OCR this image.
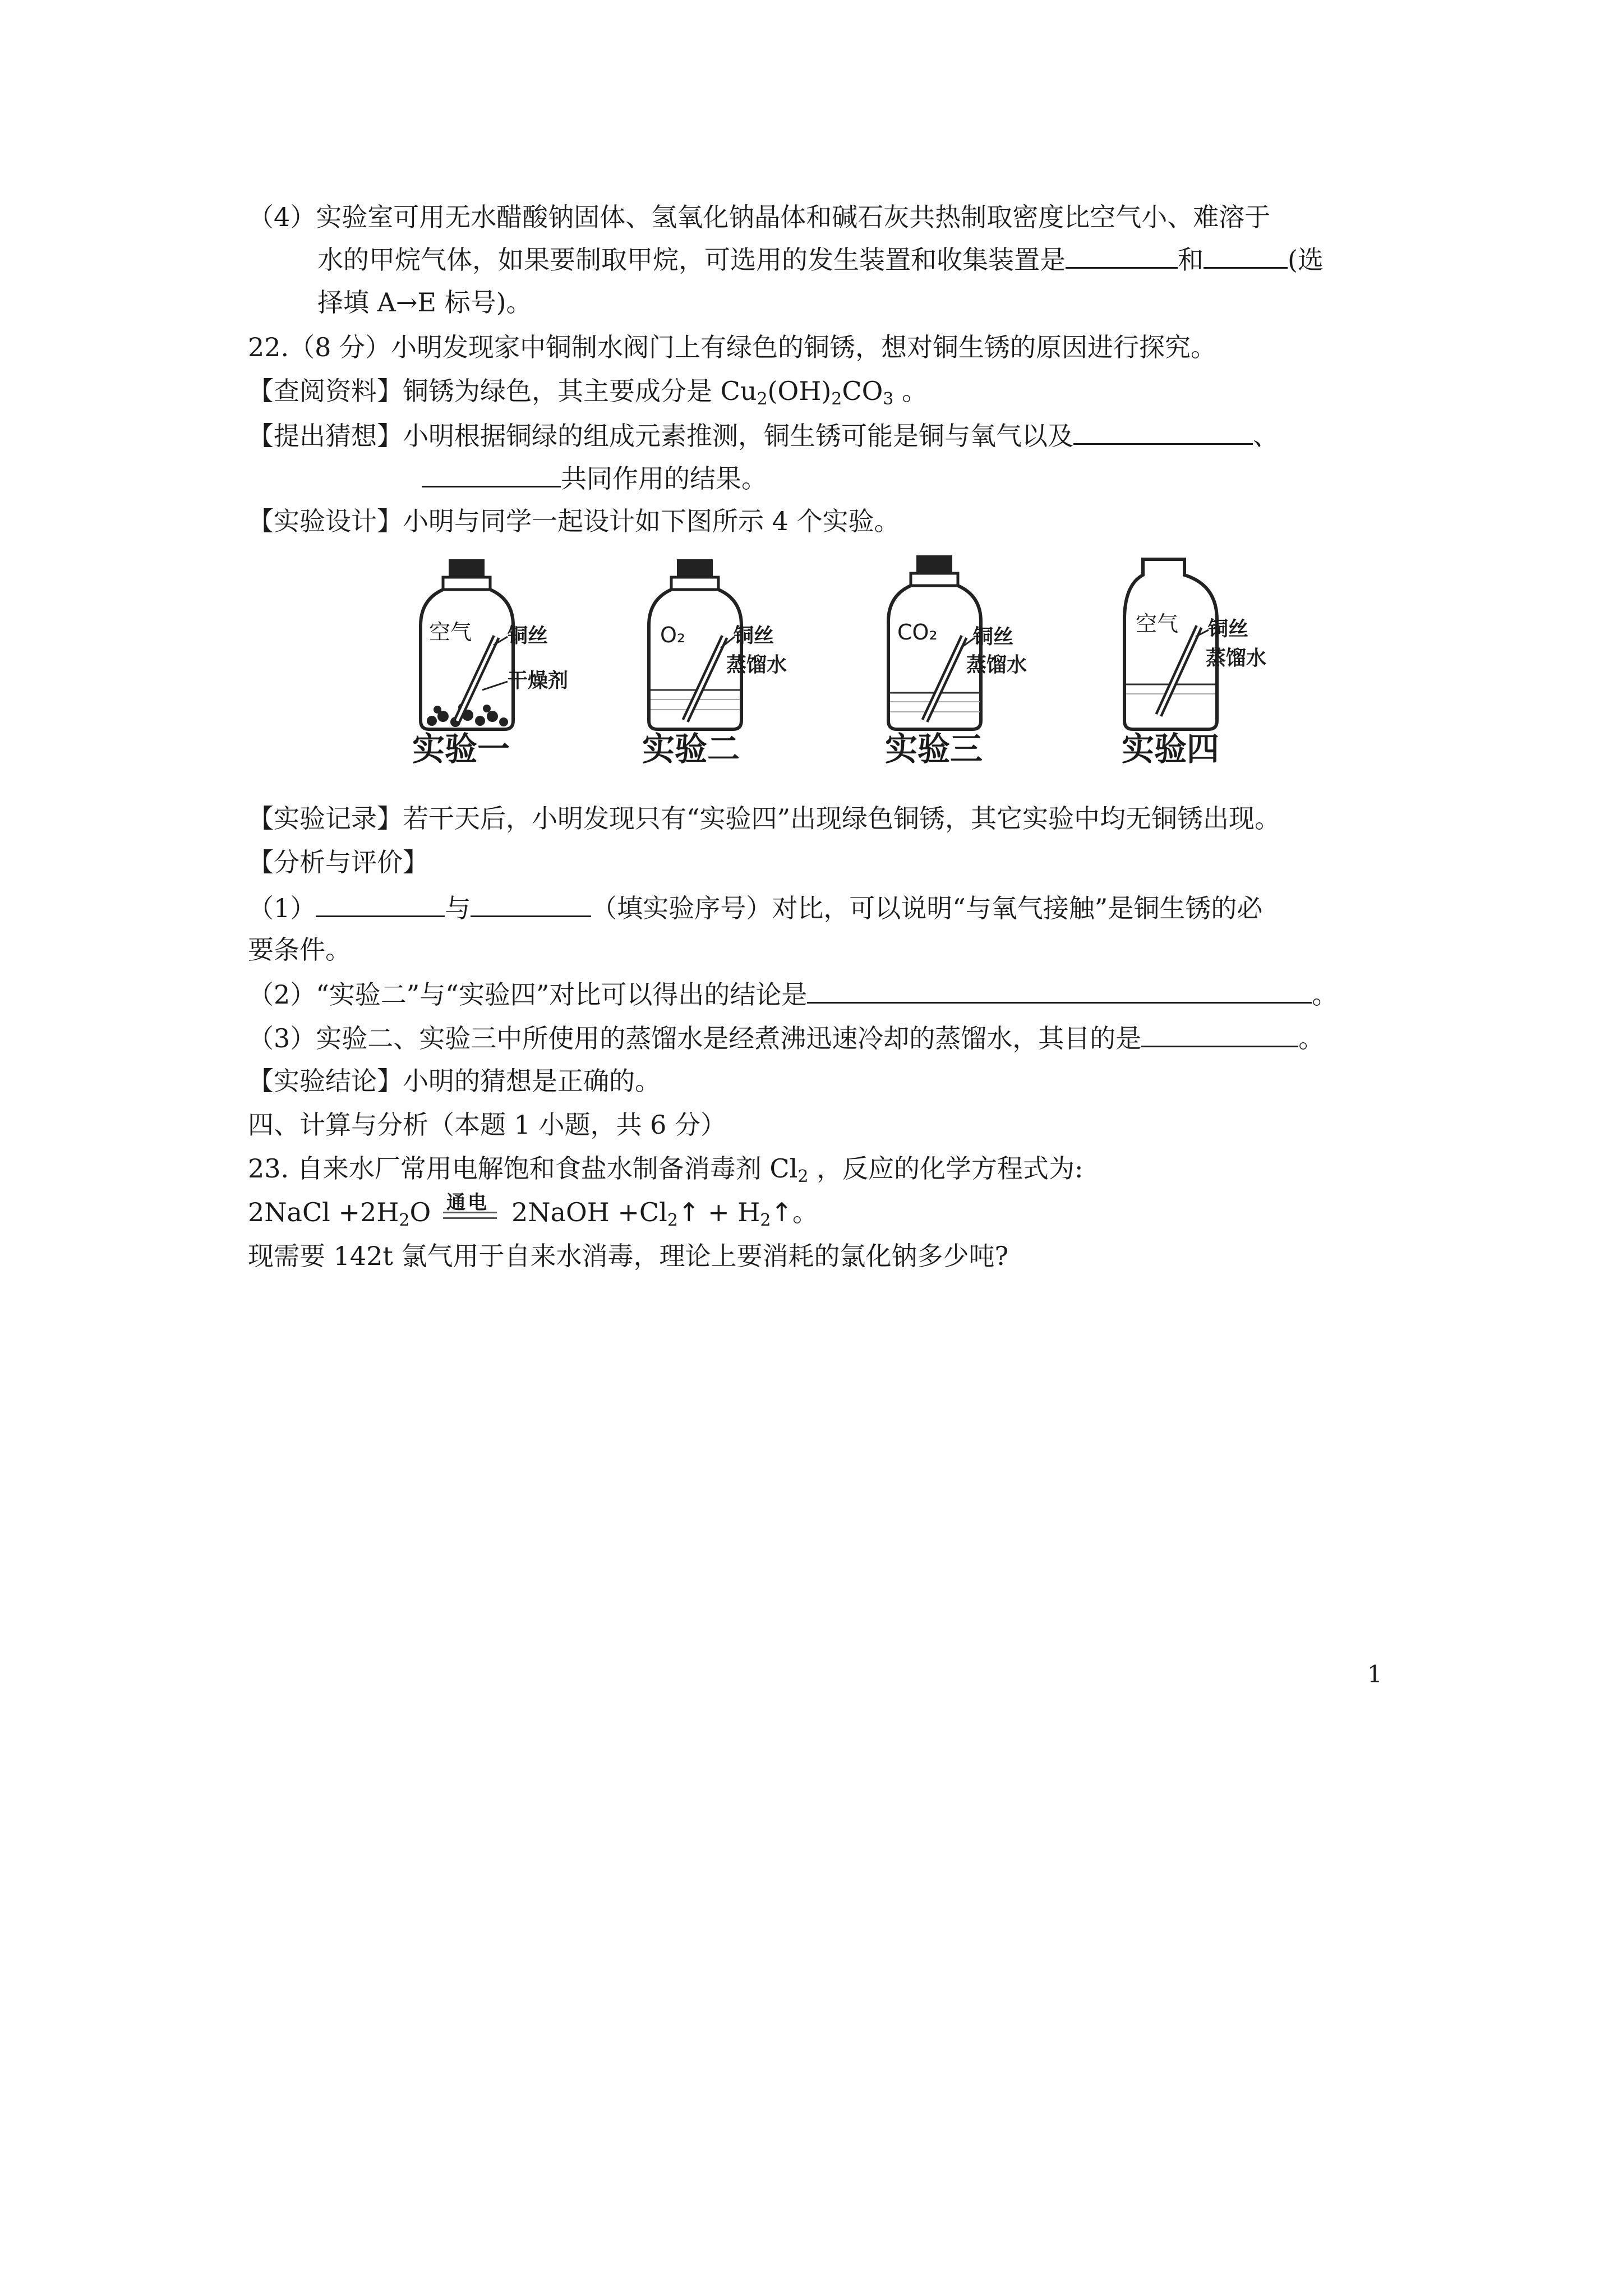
（4）实验室可用无水醋酸钠固体、氢氧化钠晶体和碱石灰共热制取密度比空气小、难溶于
水的甲烷气体，如果要制取甲烷，可选用的发生装置和收集装置是	和	(选
择填 A→E 标号)。
22.（8 分）小明发现家中铜制水阀门上有绿色的铜锈，想对铜生锈的原因进行探究。
【查阅资料】铜锈为绿色，其主要成分是 $Cu_2(OH)_2CO_3$ 。
【提出猜想】小明根据铜绿的组成元素推测，铜生锈可能是铜与氧气以及	、
共同作用的结果。
【实验设计】小明与同学一起设计如下图所示 4 个实验。
空气 铜丝
干燥剂
实验一
O₂ 铜丝
蒸馏水
实验二
CO₂ 铜丝
蒸馏水
实验三
空气 铜丝
蒸馏水
实验四
【实验记录】若干天后，小明发现只有“实验四”出现绿色铜锈，其它实验中均无铜锈出现。
【分析与评价】
（1）	与	（填实验序号）对比，可以说明“与氧气接触”是铜生锈的必
要条件。
（2）“实验二”与“实验四”对比可以得出的结论是	。
（3）实验二、实验三中所使用的蒸馏水是经煮沸迅速冷却的蒸馏水，其目的是	。
【实验结论】小明的猜想是正确的。
四、计算与分析（本题 1 小题，共 6 分）
23. 自来水厂常用电解饱和食盐水制备消毒剂 $Cl_2$ ，反应的化学方程式为:
2NaCl $+2H_2O$ 通电 2NaOH $+Cl_2↑$ + $H_2↑$。
现需要 142t 氯气用于自来水消毒，理论上要消耗的氯化钠多少吨?
1
